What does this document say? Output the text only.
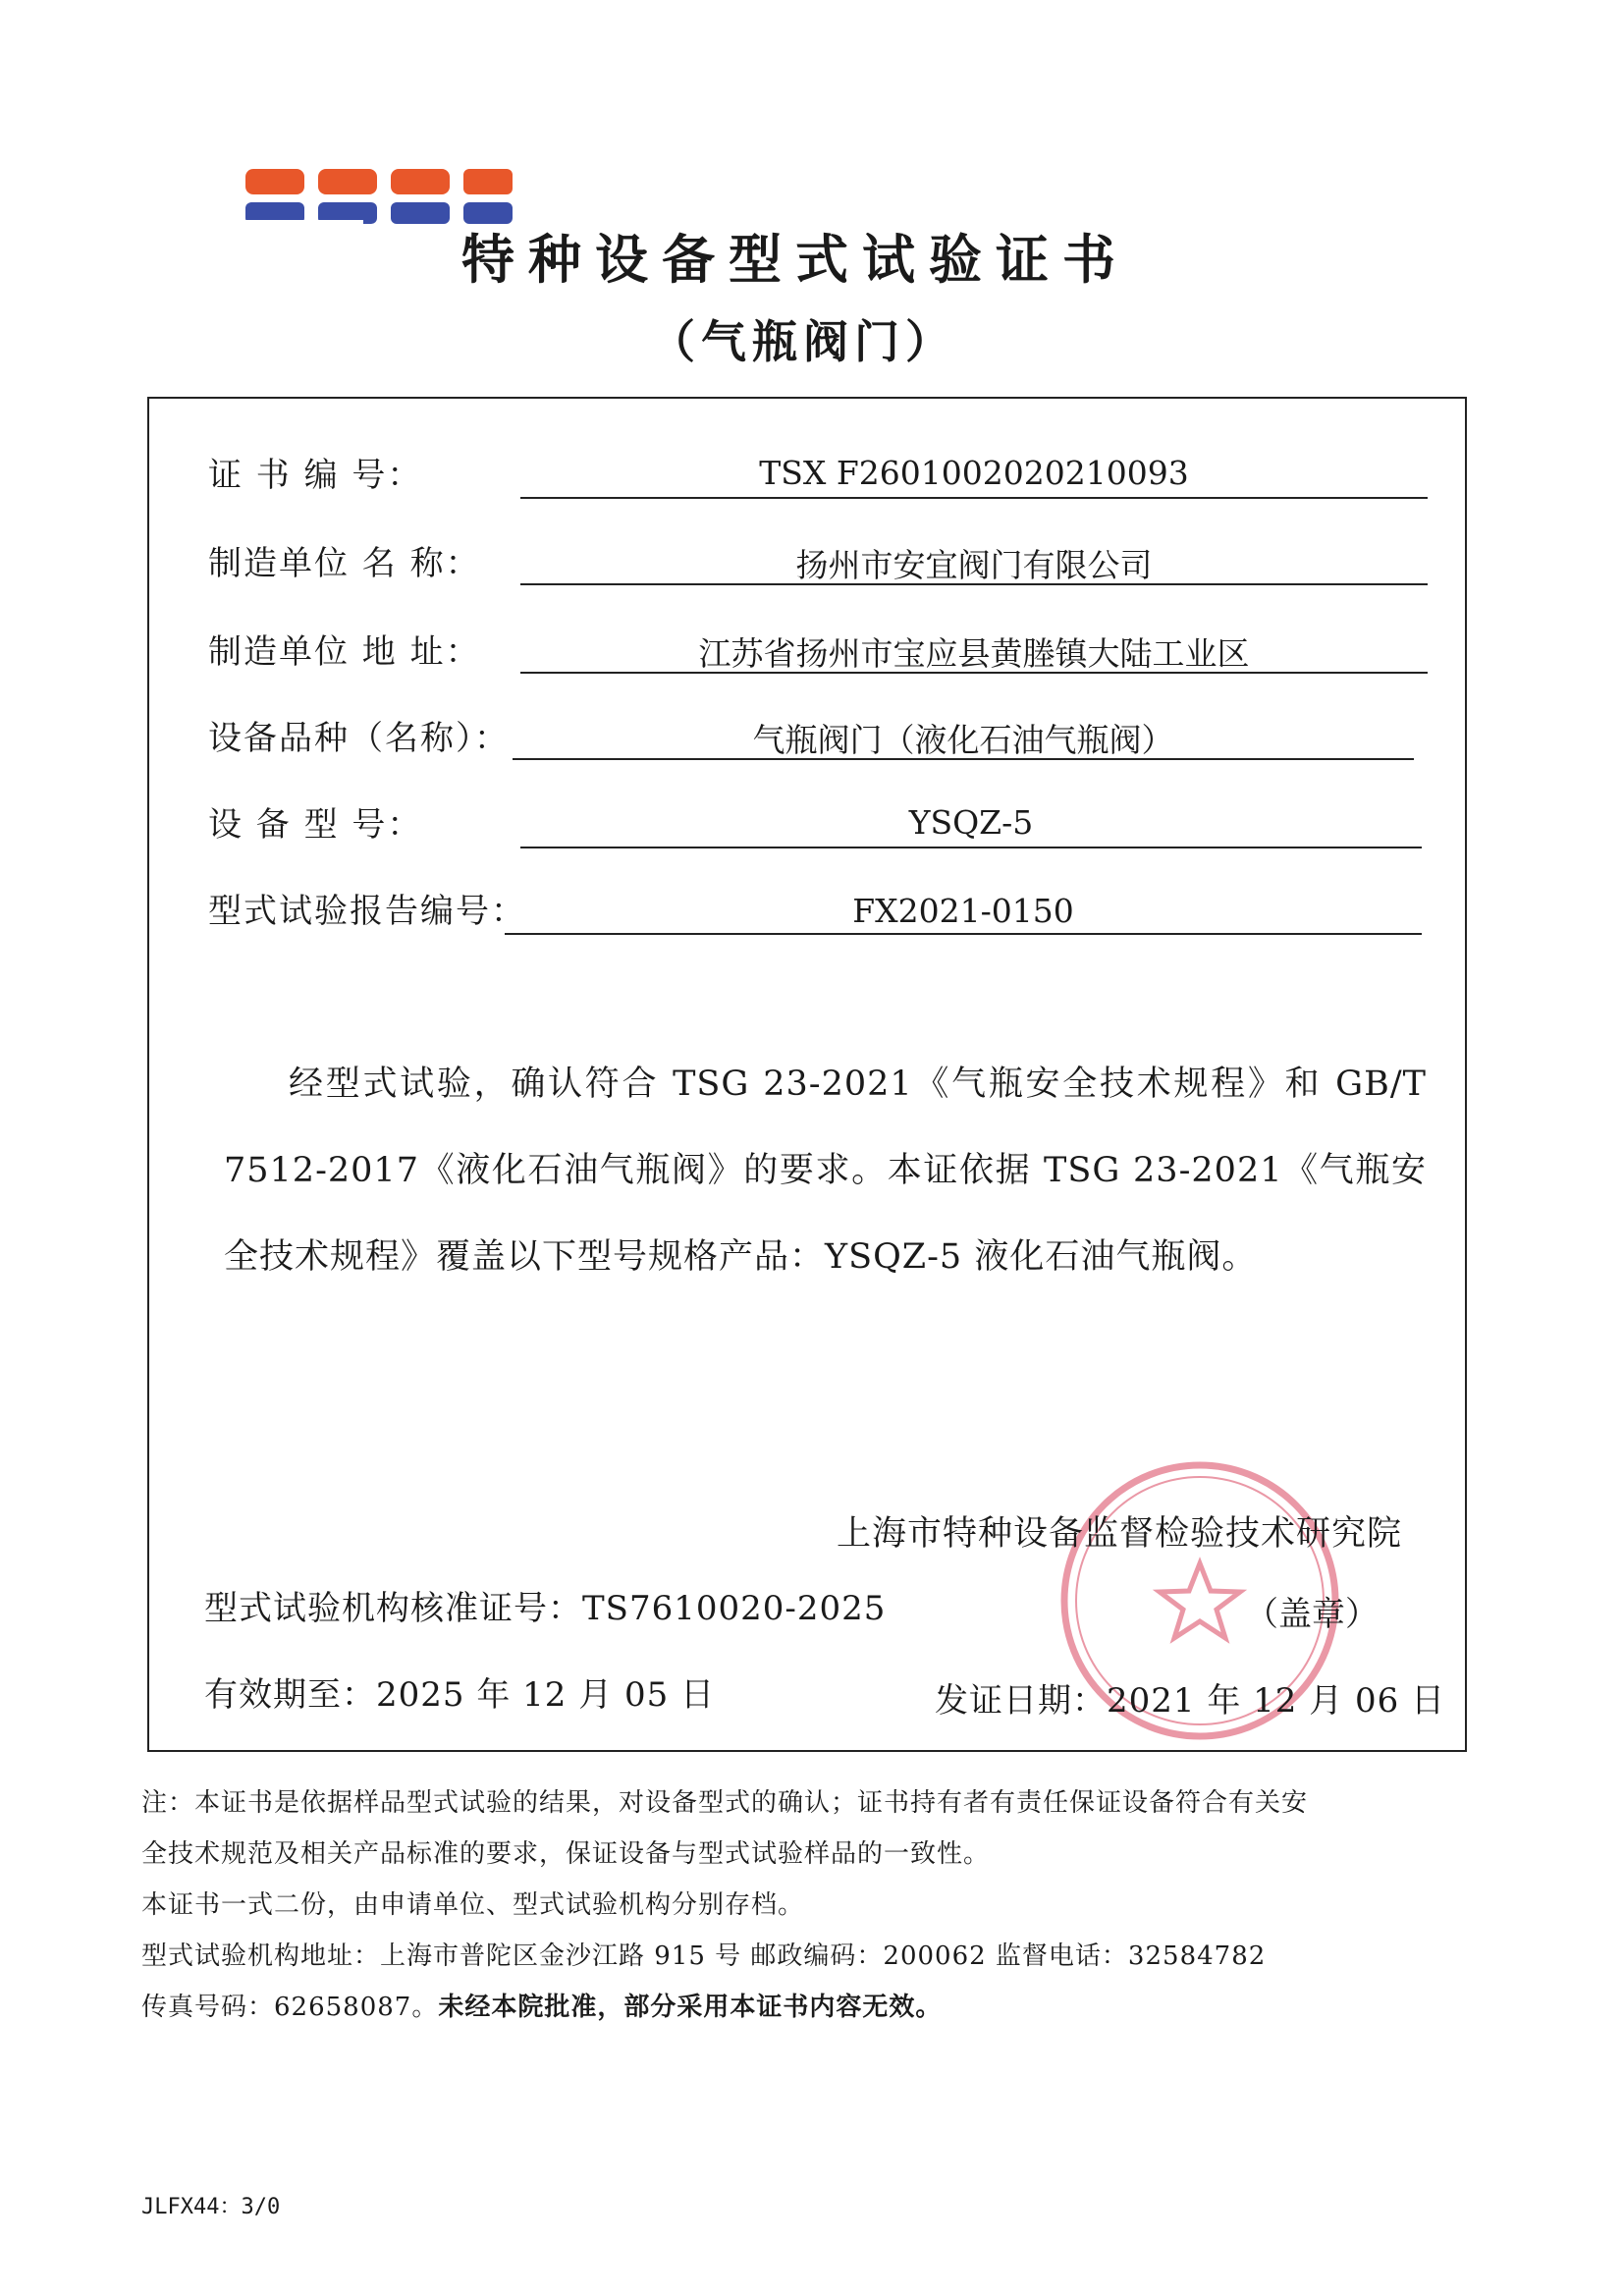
特种设备型式试验证书
（气瓶阀门）
证 书 编 号：	TSX F2601002020210093
制造单位 名 称：	扬州市安宜阀门有限公司
制造单位 地 址：	江苏省扬州市宝应县黄塍镇大陆工业区
设备品种（名称）：	气瓶阀门（液化石油气瓶阀）
设 备 型 号：	YSQZ-5
型式试验报告编号：	FX2021-0150
经型式试验，确认符合 TSG 23-2021《气瓶安全技术规程》和 GB/T 7512-2017《液化石油气瓶阀》的要求。本证依据 TSG 23-2021《气瓶安全技术规程》覆盖以下型号规格产品：YSQZ-5 液化石油气瓶阀。
上海市特种设备监督检验技术研究院
型式试验机构核准证号：TS7610020-2025	（盖章）
有效期至：2025 年 12 月 05 日	发证日期：2021 年 12 月 06 日
注：本证书是依据样品型式试验的结果，对设备型式的确认；证书持有者有责任保证设备符合有关安
全技术规范及相关产品标准的要求，保证设备与型式试验样品的一致性。
本证书一式二份，由申请单位、型式试验机构分别存档。
型式试验机构地址：上海市普陀区金沙江路 915 号 邮政编码：200062 监督电话：32584782
传真号码：62658087。未经本院批准，部分采用本证书内容无效。
JLFX44：3/0
